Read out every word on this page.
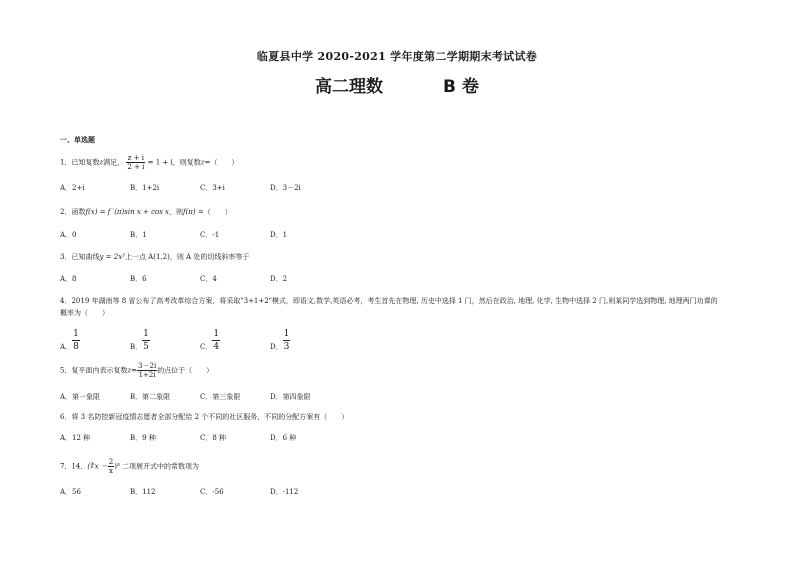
临夏县中学 2020-2021 学年度第二学期期末考试试卷
高二理数	B 卷
一、单选题
1．已知复数z满足， $\frac{z + i}{2 + i} = 1 + i$，则复数z=（　　）
A．2+i	B．1+2i	C．3+i	D．3－2i
2．函数f(x) = f ′(π)sin x + cos x，则f(π) =（　　）
A．0	B．1	C．-1	D．1
3．已知曲线y = 2x³上一点 A(1,2)，则 A 处的切线斜率等于
A．8	B．6	C．4	D．2
4．2019 年湖南等 8 省公布了高考改革综合方案，将采取"3+1+2"模式，即语文,数学,英语必考，考生首先在物理, 历史中选择 1 门，然后在政治, 地理, 化学, 生物中选择 2 门,则某同学选到物理, 地理两门功课的概率为（　　）
A． $\frac{1}{8}$	B． $\frac{1}{5}$	C． $\frac{1}{4}$	D． $\frac{1}{3}$
5．复平面内表示复数$z= \frac{3-2i}{1+2i}$ 的点位于（　　）
A．第一象限	B．第二象限	C．第三象限	D．第四象限
6．将 3 名防控新冠疫情志愿者全部分配给 2 个不同的社区服务，不同的分配方案有（　　）
A．12 种	B．9 种	C．8 种	D．6 种
7．14．(∛x － $\frac{2}{x} )^8$ 二项展开式中的常数项为
A．56	B．112	C．-56	D．-112
